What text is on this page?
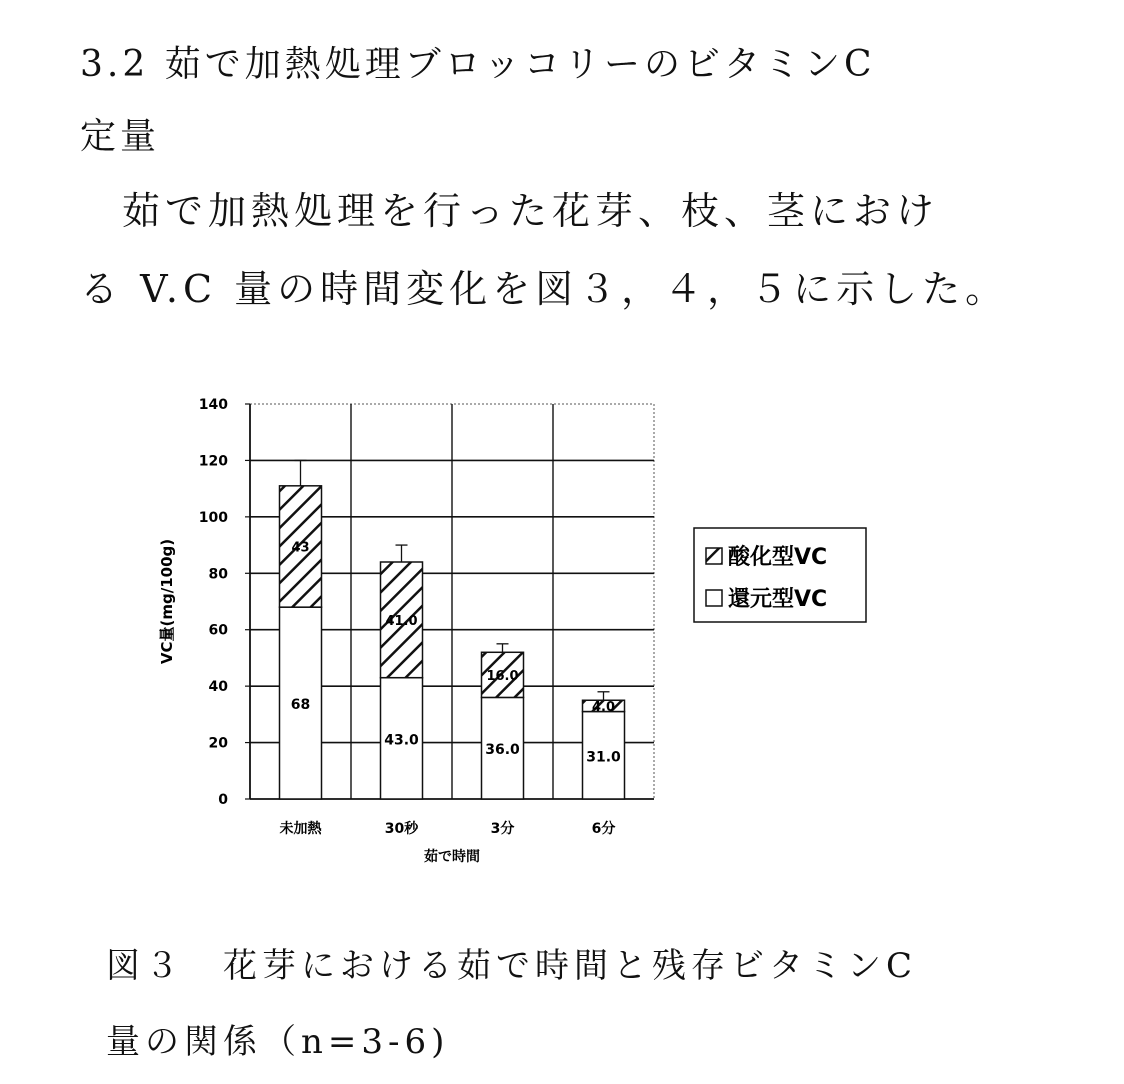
3.2 茹で加熱処理ブロッコリーのビタミンC
定量
茹で加熱処理を行った花芽、枝、茎におけ
る V.C 量の時間変化を図３，４，５に示した。
0
20
40
60
80
100
120
140
68
43
未加熱
43.0
41.0
30秒
36.0
16.0
3分
31.0
4.0
6分
茹で時間
VC量(mg/100g)	酸化型VC
還元型VC
図３　花芽における茹で時間と残存ビタミンC
量の関係（n=3-6)
